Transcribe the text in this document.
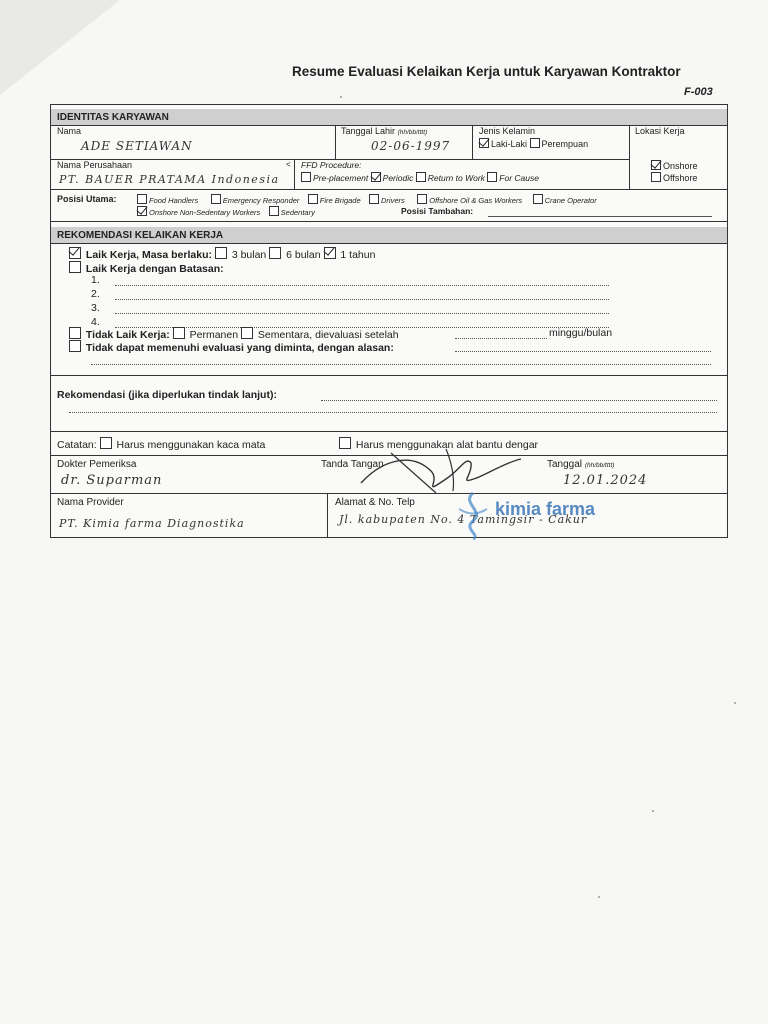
Resume Evaluasi Kelaikan Kerja untuk Karyawan Kontraktor
F-003
IDENTITAS KARYAWAN
Nama
ADE SETIAWAN
Tanggal Lahir (hh/bb/tttt)
02-06-1997
Jenis Kelamin
Laki-Laki Perempuan
Lokasi Kerja
Nama Perusahaan	<
PT. BAUER PRATAMA Indonesia
FFD Procedure:
Pre-placement Periodic Return to Work For Cause
Onshore
Offshore
Posisi Utama:	Food Handlers	Emergency Responder	Fire Brigade	Drivers	Offshore Oil & Gas Workers	Crane Operator
Onshore Non-Sedentary Workers	Sedentary	Posisi Tambahan:
REKOMENDASI KELAIKAN KERJA
Laik Kerja, Masa berlaku: 3 bulan 6 bulan 1 tahun
Laik Kerja dengan Batasan:
1.
2.
3.
4.
Tidak Laik Kerja: Permanen Sementara, dievaluasi setelah	minggu/bulan
Tidak dapat memenuhi evaluasi yang diminta, dengan alasan:
Rekomendasi (jika diperlukan tindak lanjut):
Catatan: Harus menggunakan kaca mata	Harus menggunakan alat bantu dengar
Dokter Pemeriksa
dr. Suparman
Tanda Tangan	Tanggal (hh/bb/tttt)
12.01.2024
Nama Provider
PT. Kimia farma Diagnostika
Alamat & No. Telp
Jl. kabupaten No. 4 Tamingsir - Cakur
kimia farma
